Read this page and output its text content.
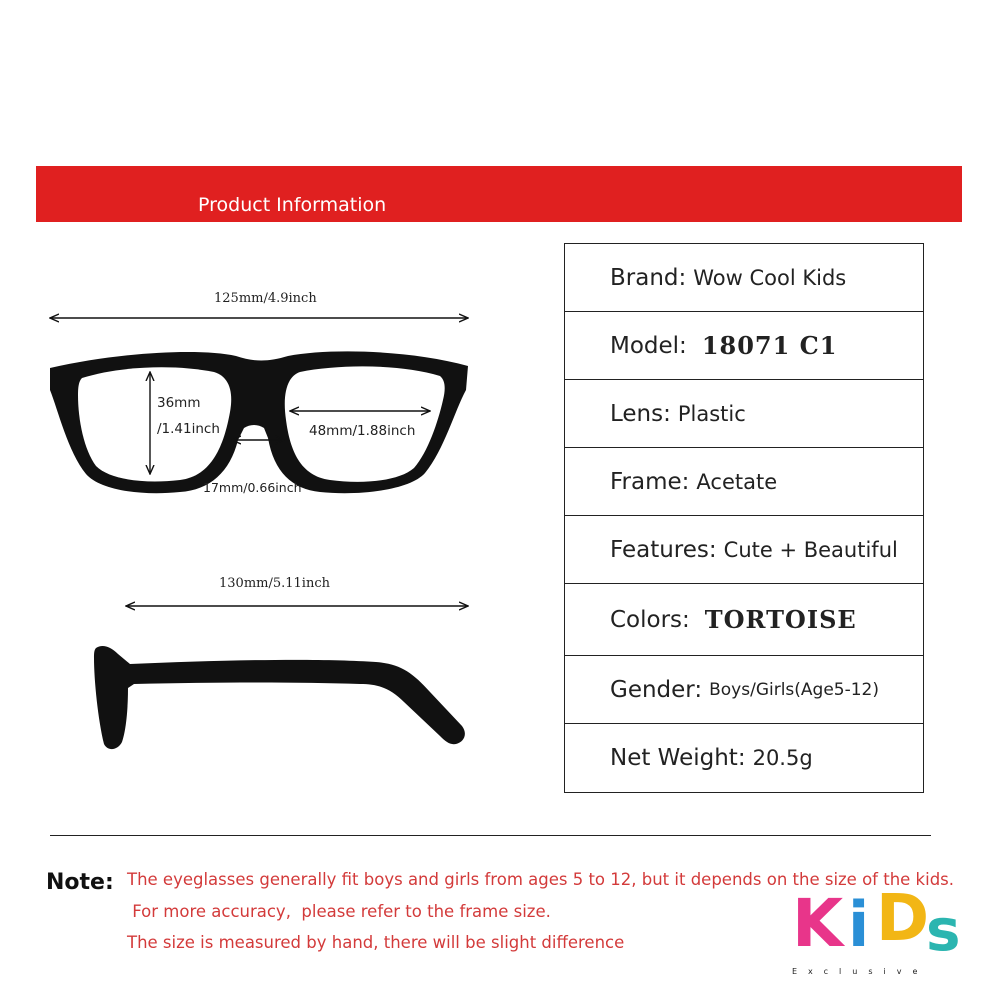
Product Information
125mm/4.9inch
36mm
/1.41inch	48mm/1.88inch
17mm/0.66inch
130mm/5.11inch
Brand: Wow Cool Kids
Model: 18071 C1
Lens: Plastic
Frame: Acetate
Features: Cute + Beautiful
Colors: TORTOISE
Gender: Boys/Girls(Age5-12)
Net Weight: 20.5g
Note: The eyeglasses generally fit boys and girls from ages 5 to 12, but it depends on the size of the kids.
For more accuracy,  please refer to the frame size.
The size is measured by hand, there will be slight difference	K i D
s
Exclusive
